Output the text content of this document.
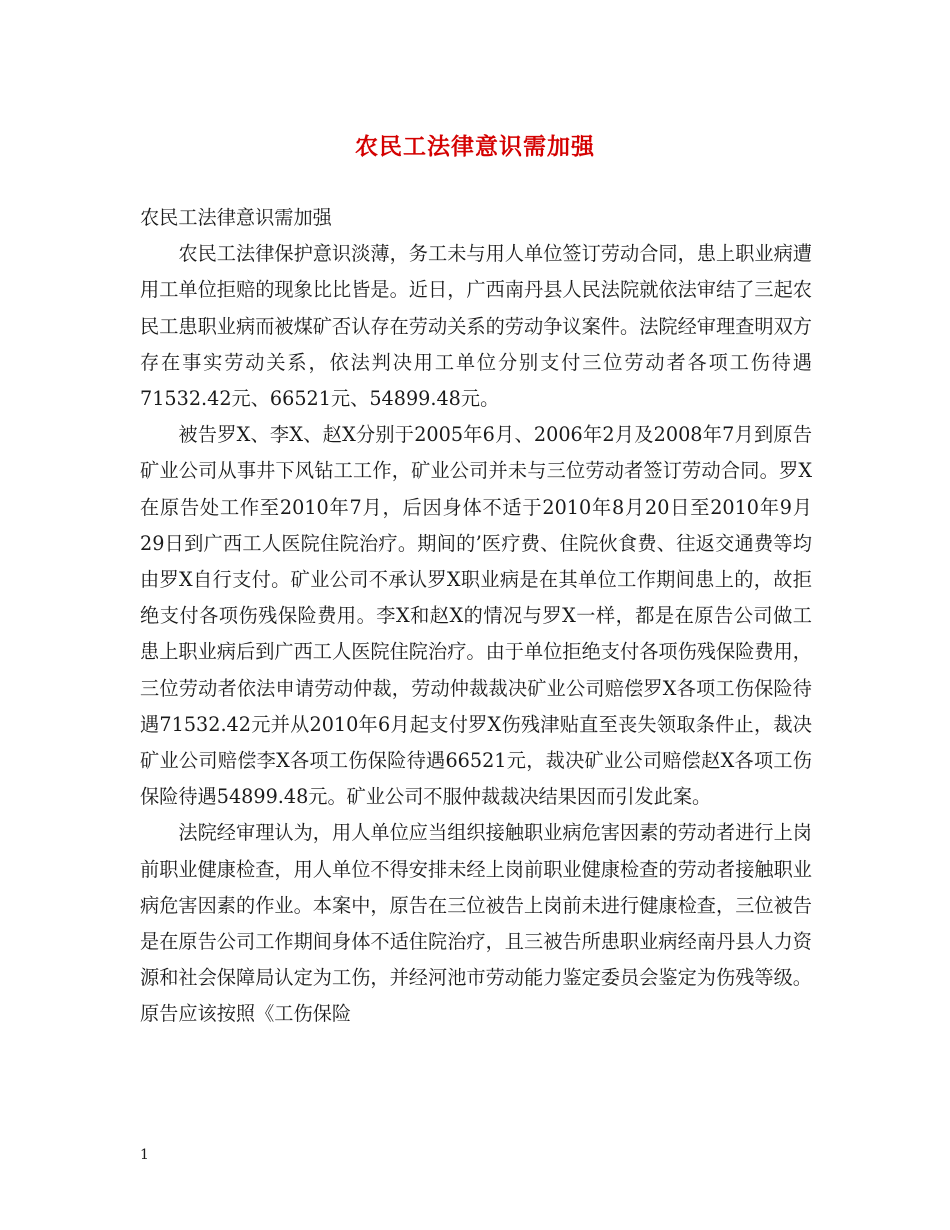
农民工法律意识需加强

农民工法律意识需加强

农民工法律保护意识淡薄，务工未与用人单位签订劳动合同，患上职业病遭用工单位拒赔的现象比比皆是。近日，广西南丹县人民法院就依法审结了三起农民工患职业病而被煤矿否认存在劳动关系的劳动争议案件。法院经审理查明双方存在事实劳动关系，依法判决用工单位分别支付三位劳动者各项工伤待遇71532.42元、66521元、54899.48元。

被告罗X、李X、赵X分别于2005年6月、2006年2月及2008年7月到原告矿业公司从事井下风钻工工作，矿业公司并未与三位劳动者签订劳动合同。罗X在原告处工作至2010年7月，后因身体不适于2010年8月20日至2010年9月29日到广西工人医院住院治疗。期间的’医疗费、住院伙食费、往返交通费等均由罗X自行支付。矿业公司不承认罗X职业病是在其单位工作期间患上的，故拒绝支付各项伤残保险费用。李X和赵X的情况与罗X一样，都是在原告公司做工患上职业病后到广西工人医院住院治疗。由于单位拒绝支付各项伤残保险费用，三位劳动者依法申请劳动仲裁，劳动仲裁裁决矿业公司赔偿罗X各项工伤保险待遇71532.42元并从2010年6月起支付罗X伤残津贴直至丧失领取条件止，裁决矿业公司赔偿李X各项工伤保险待遇66521元，裁决矿业公司赔偿赵X各项工伤保险待遇54899.48元。矿业公司不服仲裁裁决结果因而引发此案。

法院经审理认为，用人单位应当组织接触职业病危害因素的劳动者进行上岗前职业健康检查，用人单位不得安排未经上岗前职业健康检查的劳动者接触职业病危害因素的作业。本案中，原告在三位被告上岗前未进行健康检查，三位被告是在原告公司工作期间身体不适住院治疗，且三被告所患职业病经南丹县人力资源和社会保障局认定为工伤，并经河池市劳动能力鉴定委员会鉴定为伤残等级。原告应该按照《工伤保险

1
